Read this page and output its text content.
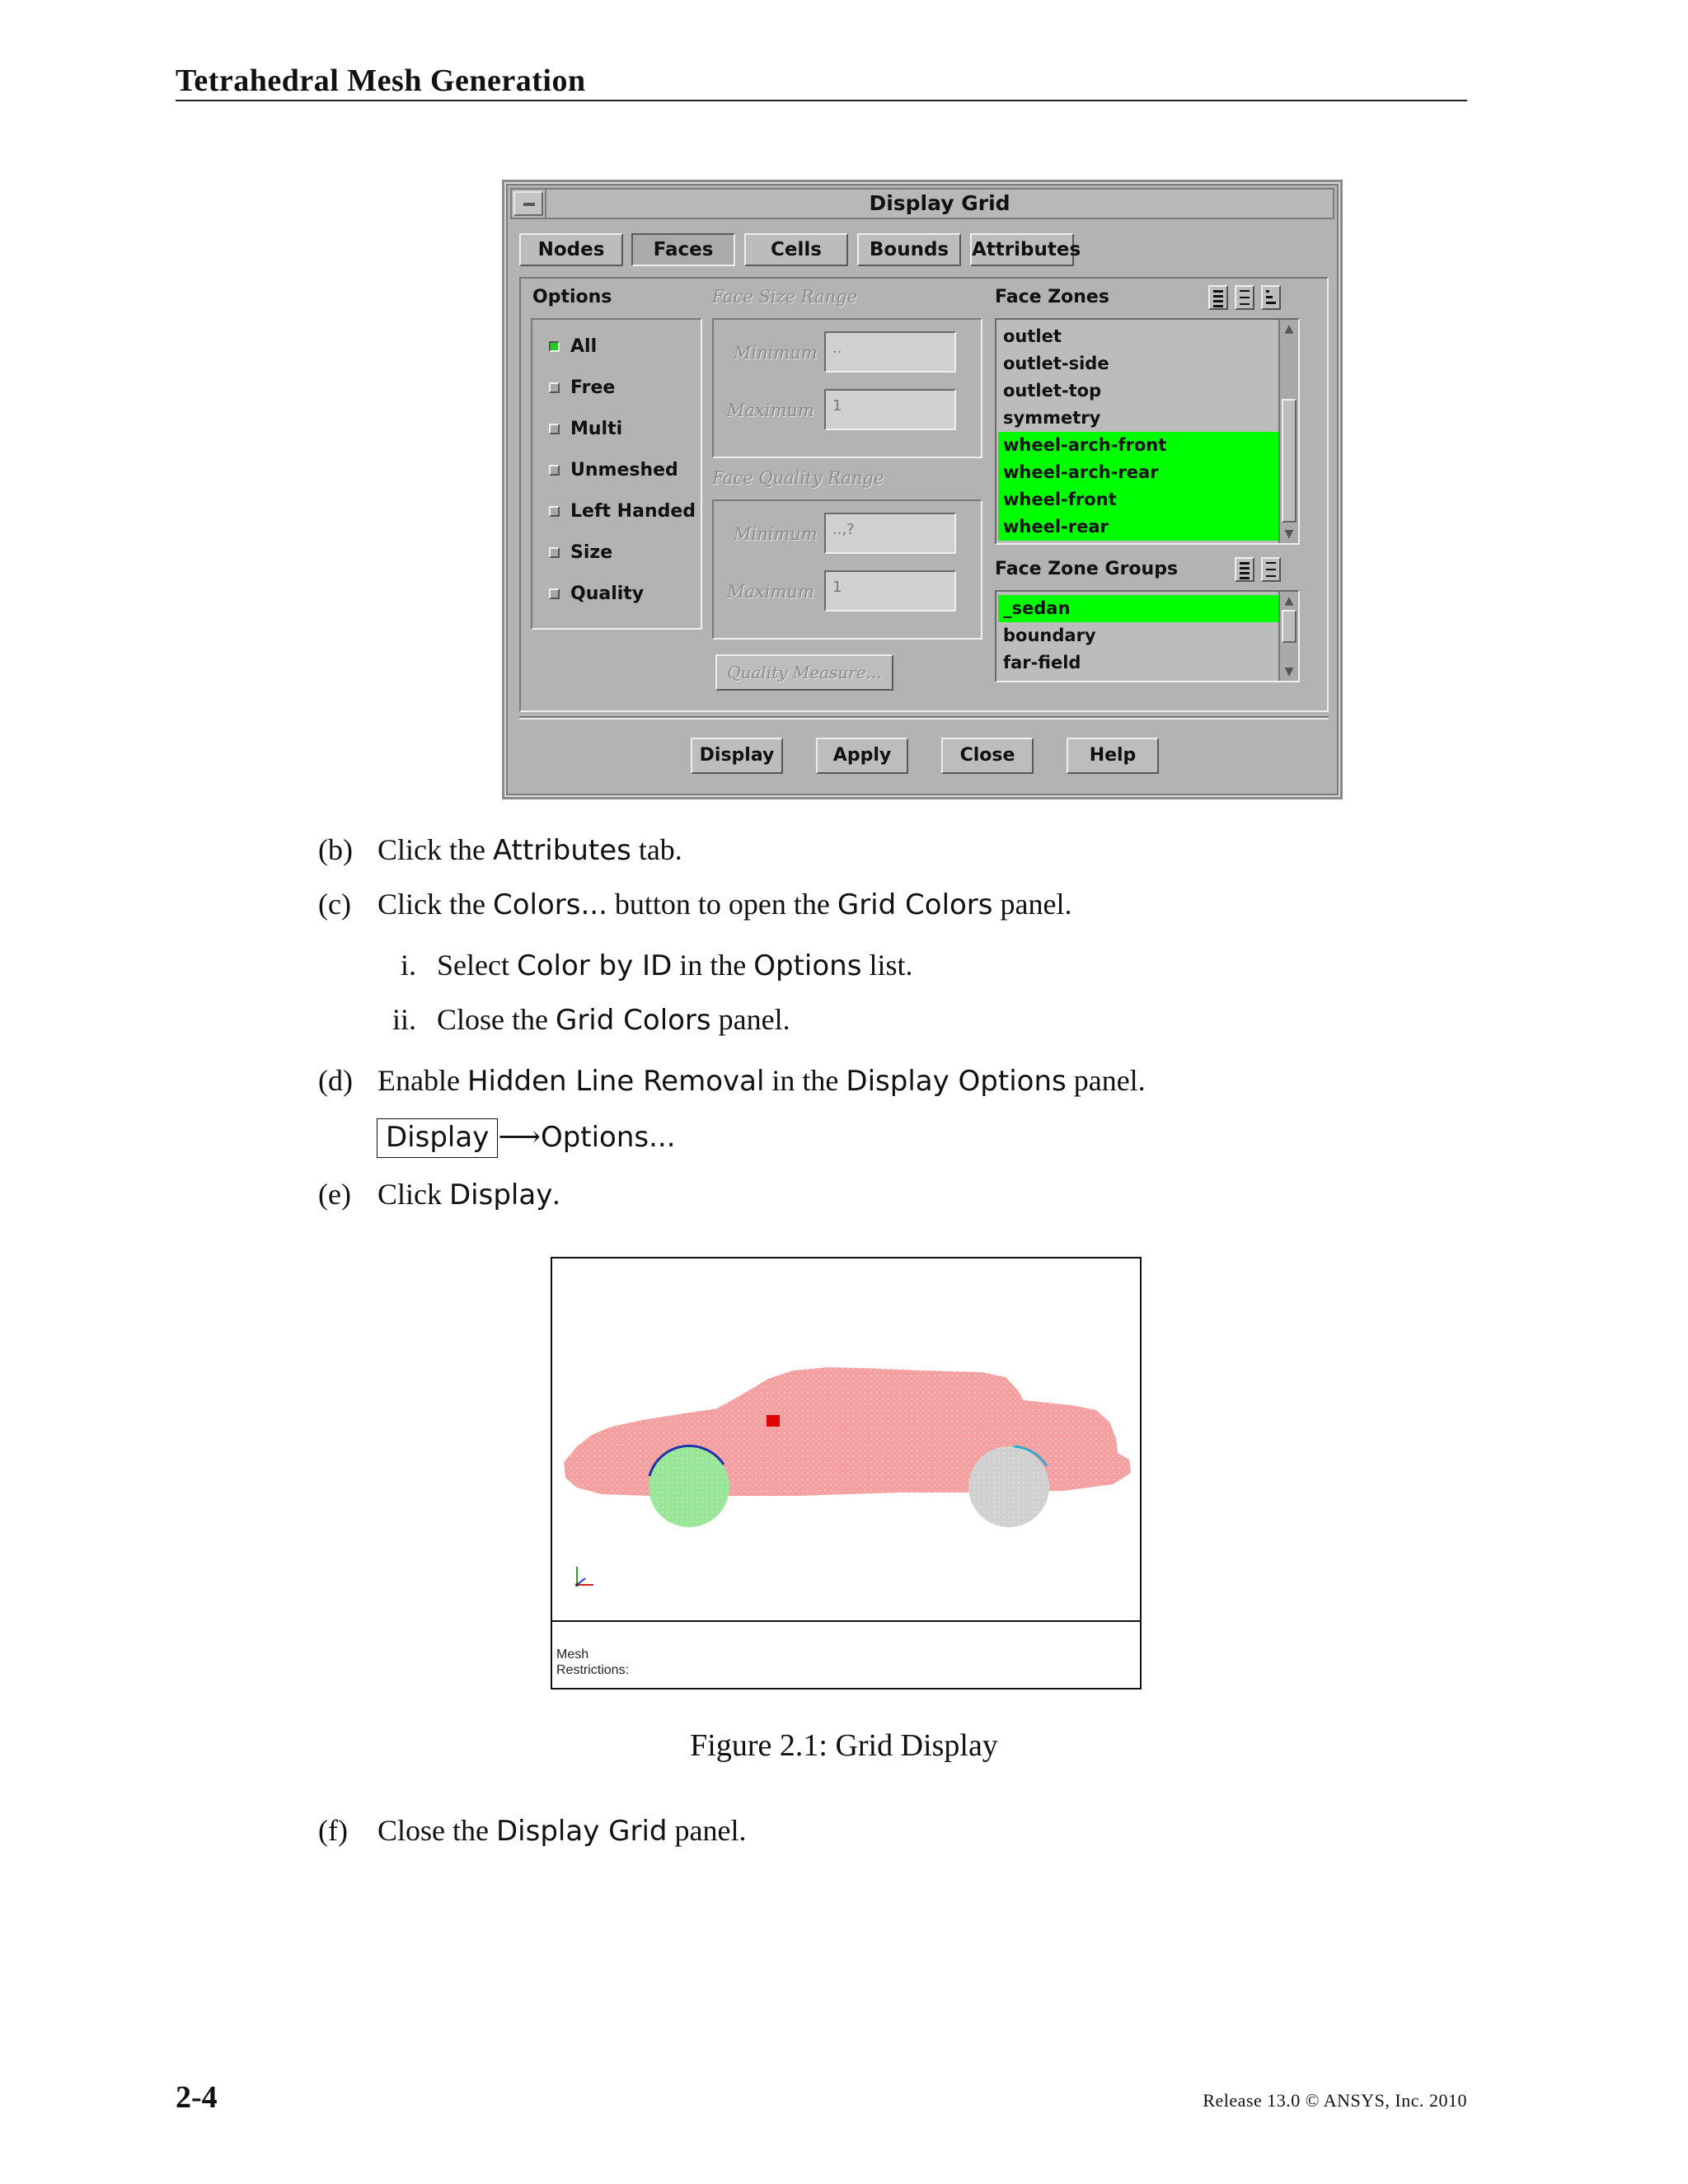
Tetrahedral Mesh Generation
Display Grid
Nodes	Faces	Cells	Bounds	Attributes
Options
All
Free
Multi
Unmeshed
Left Handed
Size
Quality
Face Size Range
Minimum	..
Maximum	1
Face Quality Range
Minimum	..,?
Maximum	1
Quality Measure...
Face Zones
outlet
outlet-side
outlet-top
symmetry
wheel-arch-front
wheel-arch-rear
wheel-front
wheel-rear
▲
▼
Face Zone Groups
_sedan
boundary
far-field
▲
▼
Display	Apply	Close	Help
(b) Click the Attributes tab.
(c) Click the Colors... button to open the Grid Colors panel.
i. Select Color by ID in the Options list.
ii. Close the Grid Colors panel.
(d) Enable Hidden Line Removal in the Display Options panel.
Display ⟶Options...
(e) Click Display.
Mesh
Restrictions:
Figure 2.1: Grid Display
(f) Close the Display Grid panel.
2-4	Release 13.0 © ANSYS, Inc. 2010
